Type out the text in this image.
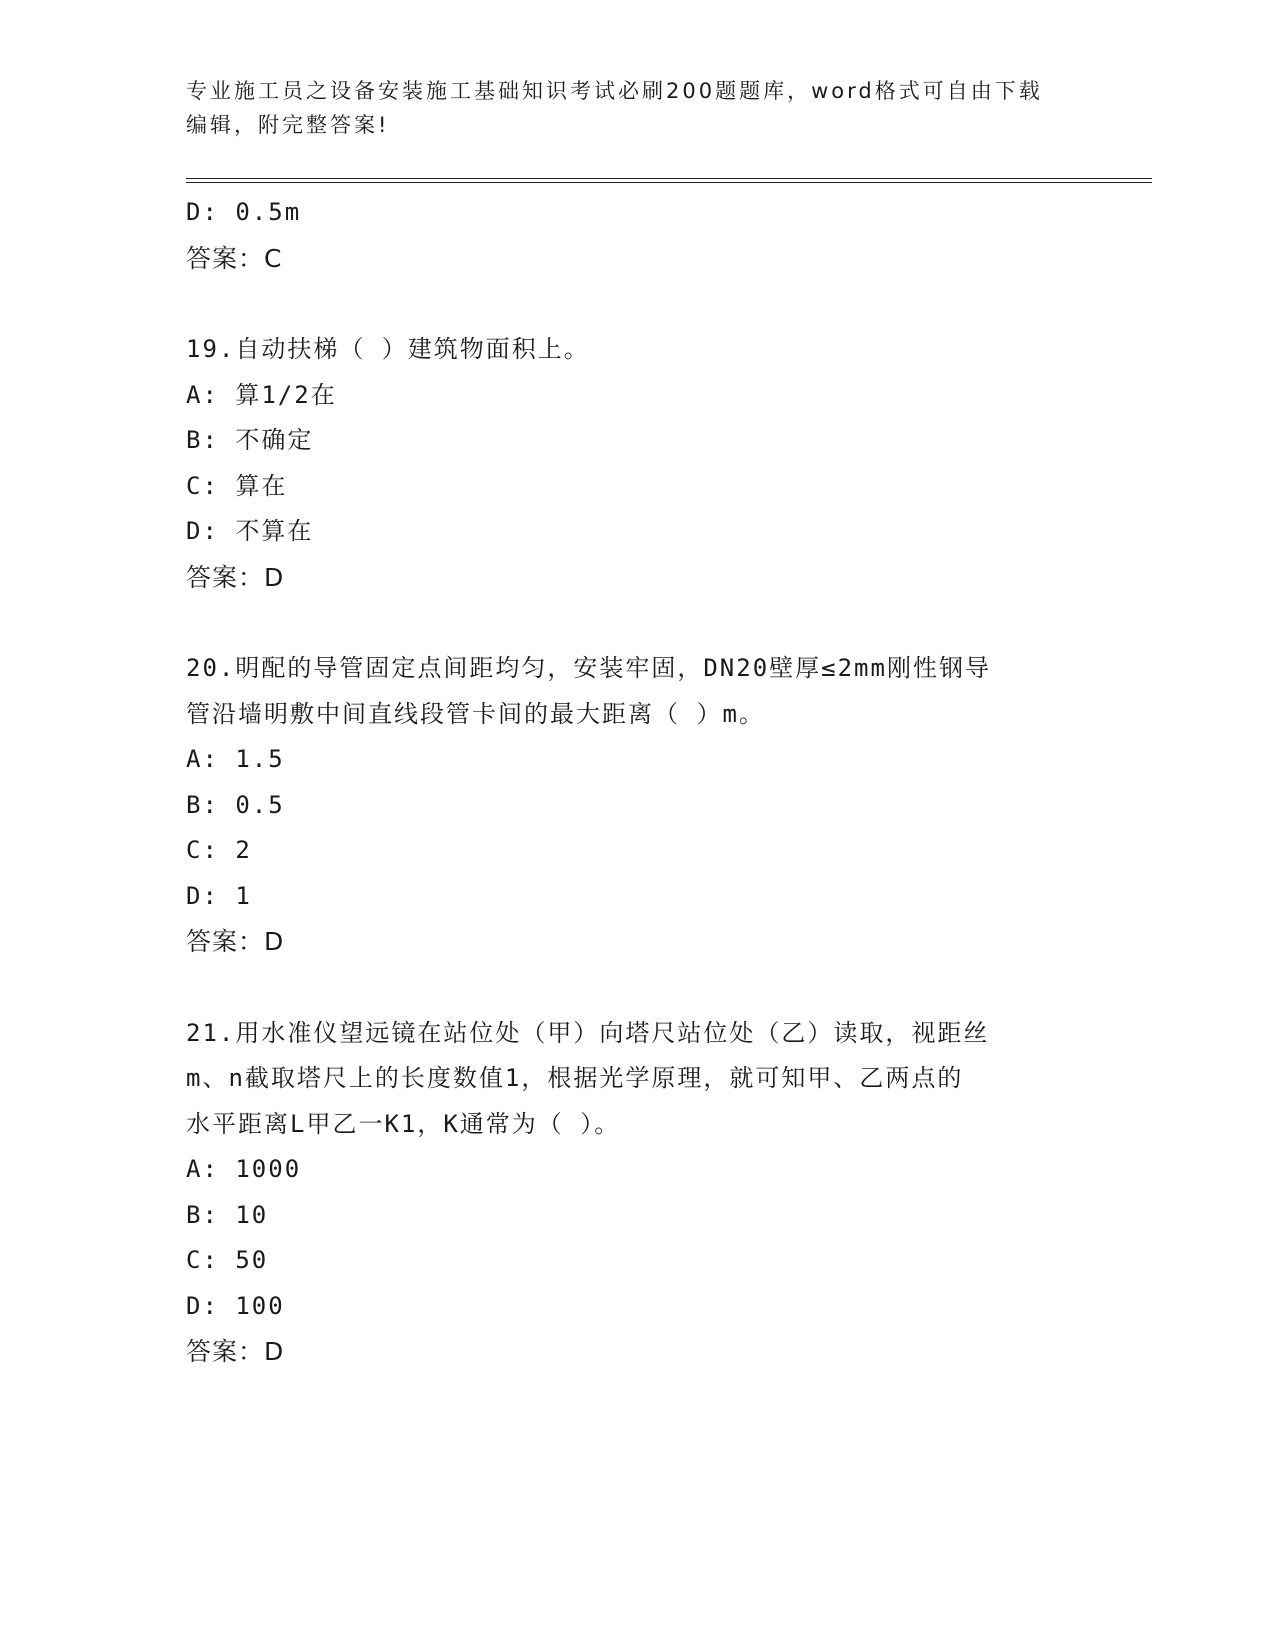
专业施工员之设备安装施工基础知识考试必刷200题题库，word格式可自由下载
编辑，附完整答案!
D: 0.5m
答案：C
19.自动扶梯（ ）建筑物面积上。
A: 算1/2在
B: 不确定
C: 算在
D: 不算在
答案：D
20.明配的导管固定点间距均匀，安装牢固，DN20壁厚≤2mm刚性钢导
管沿墙明敷中间直线段管卡间的最大距离（ ）m。
A: 1.5
B: 0.5
C: 2
D: 1
答案：D
21.用水准仪望远镜在站位处（甲）向塔尺站位处（乙）读取，视距丝
m、n截取塔尺上的长度数值1，根据光学原理，就可知甲、乙两点的
水平距离L甲乙一K1，K通常为（ ）。
A: 1000
B: 10
C: 50
D: 100
答案：D
